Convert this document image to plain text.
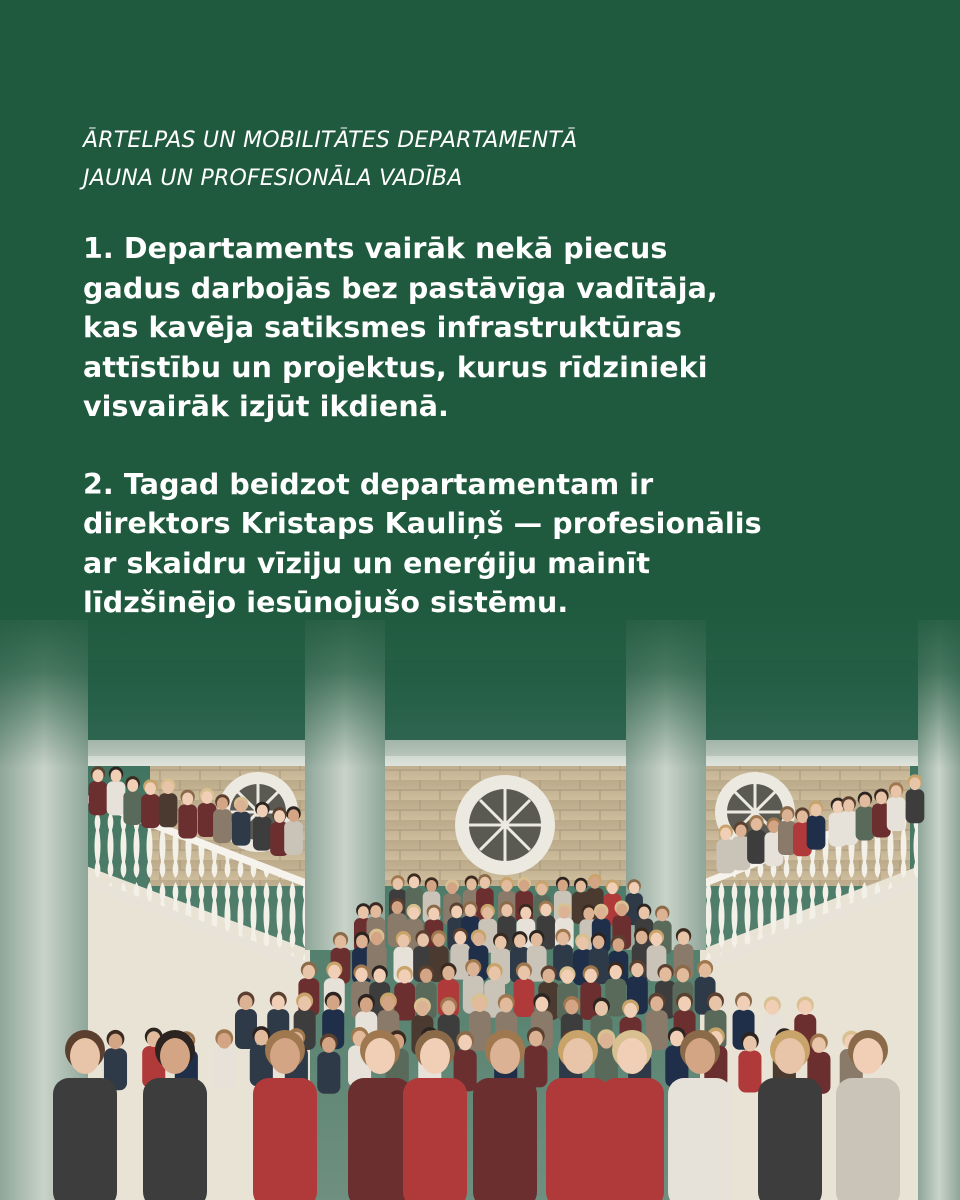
ĀRTELPAS UN MOBILITĀTES DEPARTAMENTĀ

JAUNA UN PROFESIONĀLA VADĪBA

1. Departaments vairāk nekā piecus
gadus darbojās bez pastāvīga vadītāja,
kas kavēja satiksmes infrastruktūras
attīstību un projektus, kurus rīdzinieki
visvairāk izjūt ikdienā.

2. Tagad beidzot departamentam ir
direktors Kristaps Kauliņš — profesionālis
ar skaidru vīziju un enerģiju mainīt
līdzšinējo iesūnojušo sistēmu.
